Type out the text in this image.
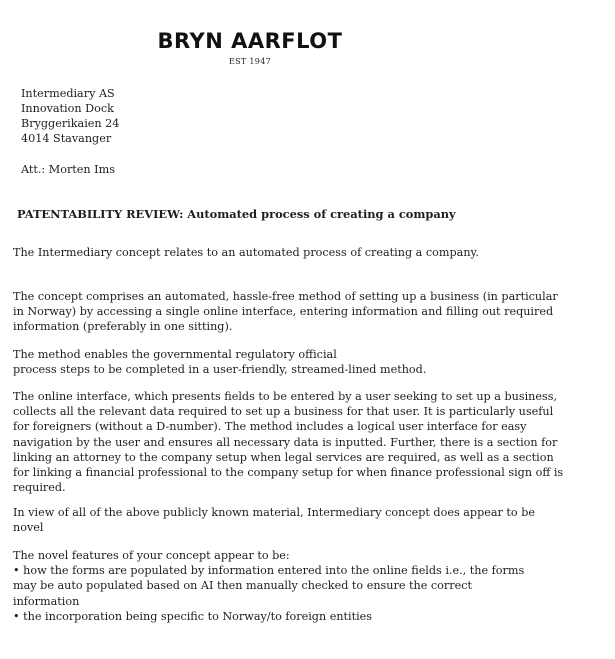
BRYN AARFLOT
EST 1947
Intermediary AS
Innovation Dock
Bryggerikaien 24
4014 Stavanger
Att.: Morten Ims
PATENTABILITY REVIEW: Automated process of creating a company
The Intermediary concept relates to an automated process of creating a company.
The concept comprises an automated, hassle-free method of setting up a business (in particular
in Norway) by accessing a single online interface, entering information and filling out required
information (preferably in one sitting).
The method enables the governmental regulatory official
process steps to be completed in a user-friendly, streamed-lined method.
The online interface, which presents fields to be entered by a user seeking to set up a business,
collects all the relevant data required to set up a business for that user. It is particularly useful
for foreigners (without a D-number). The method includes a logical user interface for easy
navigation by the user and ensures all necessary data is inputted. Further, there is a section for
linking an attorney to the company setup when legal services are required, as well as a section
for linking a financial professional to the company setup for when finance professional sign off is
required.
In view of all of the above publicly known material, Intermediary concept does appear to be
novel
The novel features of your concept appear to be:
• how the forms are populated by information entered into the online fields i.e., the forms
may be auto populated based on AI then manually checked to ensure the correct
information
• the incorporation being specific to Norway/to foreign entities
